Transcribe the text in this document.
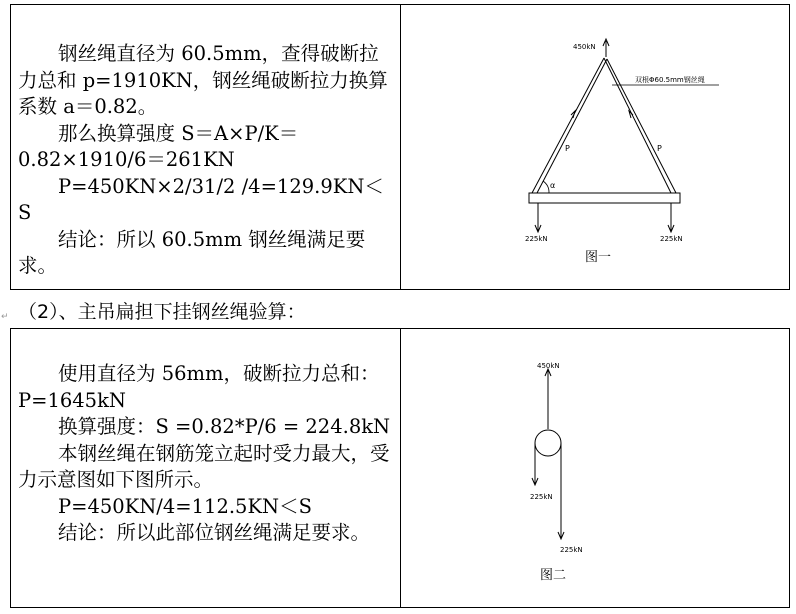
钢丝绳直径为 60.5mm，查得破断拉力总和 p=1910KN，钢丝绳破断拉力换算系数 a＝0.82。

那么换算强度 S＝A×P/K＝0.82×1910/6＝261KN

P=450KN×2/31/2 /4=129.9KN＜S

结论：所以 60.5mm 钢丝绳满足要求。

450kN
P	P
双根Φ60.5mm钢丝绳
α
225kN	225kN
图一
（2）、主吊扁担下挂钢丝绳验算：
↵

使用直径为 56mm，破断拉力总和：P=1645kN

换算强度：S =0.82*P/6 = 224.8kN

本钢丝绳在钢筋笼立起时受力最大，受力示意图如下图所示。

P=450KN/4=112.5KN＜S

结论：所以此部位钢丝绳满足要求。

450kN
225kN
225kN
图二
